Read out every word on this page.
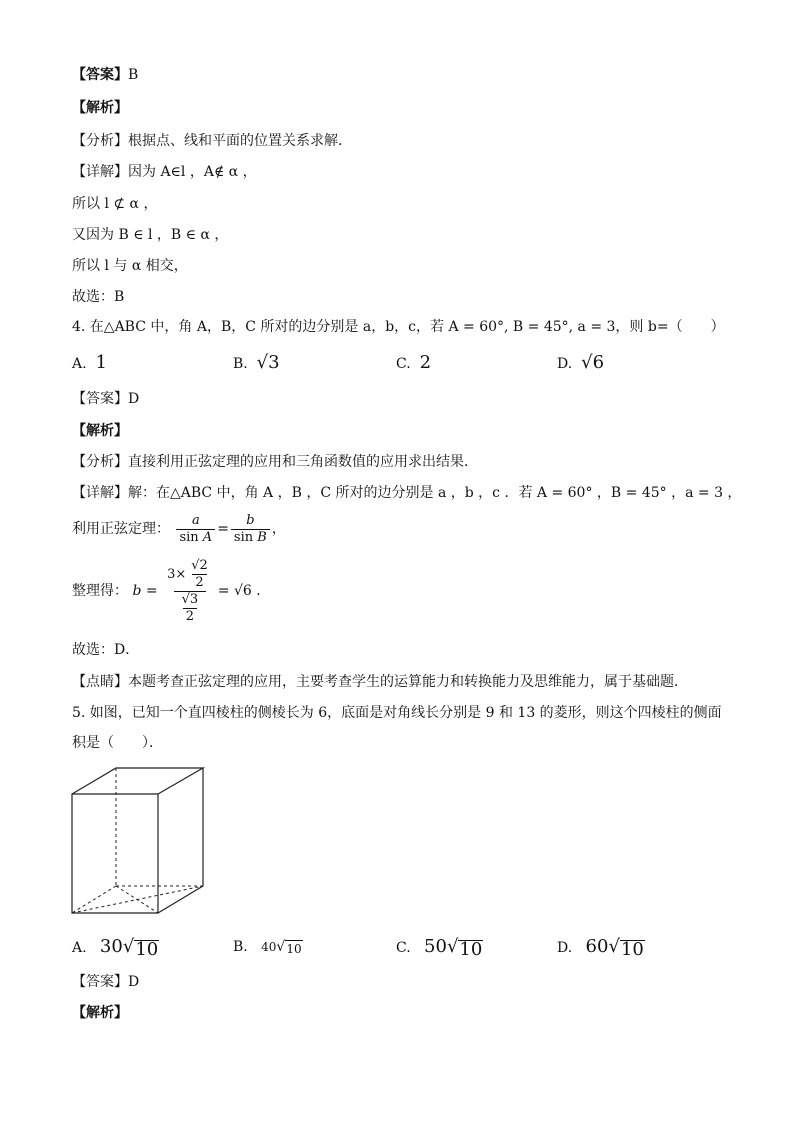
【答案】B
【解析】
【分析】根据点、线和平面的位置关系求解.
【详解】因为 A∈l ，A∉ α ，
所以 l ⊄ α ，
又因为 B ∈ l ，B ∈ α ，
所以 l 与 α 相交，
故选：B
4. 在△ABC 中，角 A，B，C 所对的边分别是 a，b，c，若 A = 60°, B = 45°, a = 3，则 b=（　　）
A. 1	B. √3	C. 2	D. √6
【答案】D
【解析】
【分析】直接利用正弦定理的应用和三角函数值的应用求出结果．
【详解】解：在△ABC 中，角 A ，B ，C 所对的边分别是 a ，b ，c ．若 A = 60° ，B = 45° ，a = 3 ，
利用正弦定理： $\frac{a}{\text{sin A}} = \frac{b}{\text{sin B}}$ ，
整理得： $b = \frac{3\times \frac{√2}{2}}{\frac{√3}{2}} = √6$ ．
故选：D．
【点睛】本题考查正弦定理的应用，主要考查学生的运算能力和转换能力及思维能力，属于基础题．
5. 如图，已知一个直四棱柱的侧棱长为 6，底面是对角线长分别是 9 和 13 的菱形，则这个四棱柱的侧面
积是（　　）．
A. 30 √ 10	B. 40 √ 10	C. 50 √ 10	D. 60 √ 10
【答案】D
【解析】
